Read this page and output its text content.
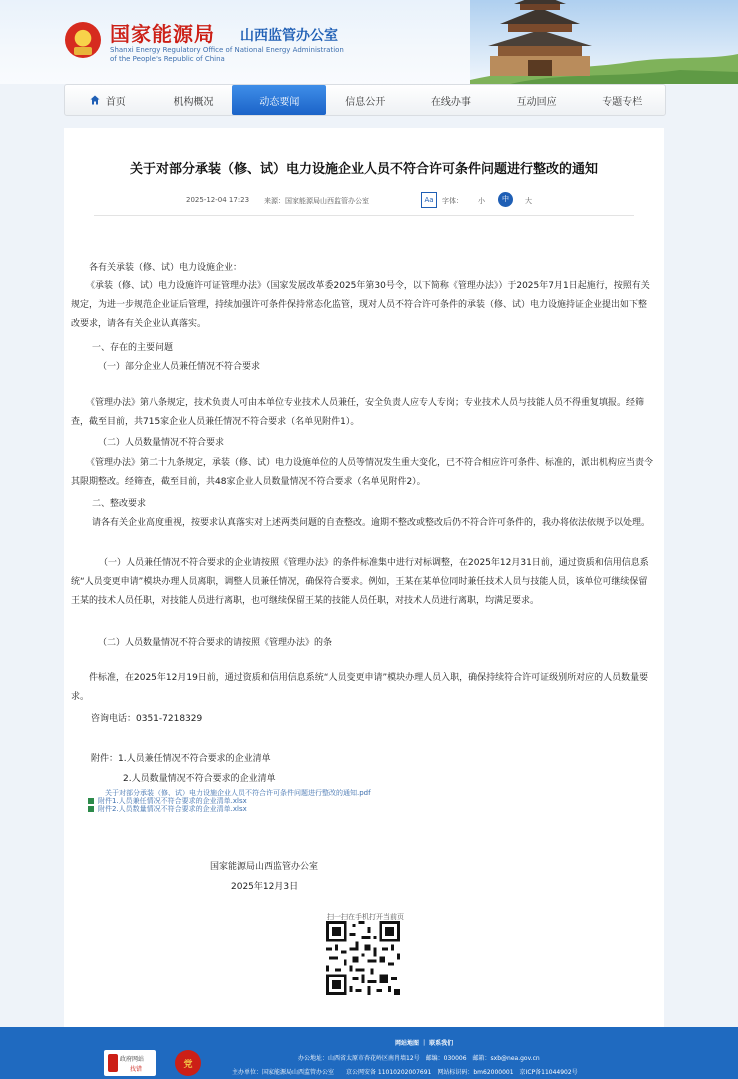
国家能源局 山西监管办公室
Shanxi Energy Regulatory Office of National Energy Administration
of the People's Republic of China
首页	机构概况	动态要闻	信息公开	在线办事	互动回应	专题专栏
关于对部分承装（修、试）电力设施企业人员不符合许可条件问题进行整改的通知
2025-12-04 17:23 来源：国家能源局山西监管办公室	Aa	字体： 小	中	大

各有关承装（修、试）电力设施企业：

《承装（修、试）电力设施许可证管理办法》（国家发展改革委2025年第30号令，以下简称《管理办法》）于2025年7月1日起施行，按照有关规定，为进一步规范企业证后管理，持续加强许可条件保持常态化监管，现对人员不符合许可条件的承装（修、试）电力设施持证企业提出如下整改要求，请各有关企业认真落实。

一、存在的主要问题

（一）部分企业人员兼任情况不符合要求

《管理办法》第八条规定，技术负责人可由本单位专业技术人员兼任，安全负责人应专人专岗；专业技术人员与技能人员不得重复填报。经筛查，截至目前，共715家企业人员兼任情况不符合要求（名单见附件1）。

（二）人员数量情况不符合要求

《管理办法》第二十九条规定，承装（修、试）电力设施单位的人员等情况发生重大变化，已不符合相应许可条件、标准的，派出机构应当责令其限期整改。经筛查，截至目前，共48家企业人员数量情况不符合要求（名单见附件2）。

二、整改要求

请各有关企业高度重视，按要求认真落实对上述两类问题的自查整改。逾期不整改或整改后仍不符合许可条件的，我办将依法依规予以处理。

（一）人员兼任情况不符合要求的企业请按照《管理办法》的条件标准集中进行对标调整，在2025年12月31日前，通过资质和信用信息系统“人员变更申请”模块办理人员离职，调整人员兼任情况，确保符合要求。例如，王某在某单位同时兼任技术人员与技能人员，该单位可继续保留王某的技术人员任职，对技能人员进行离职，也可继续保留王某的技能人员任职，对技术人员进行离职，均满足要求。

（二）人员数量情况不符合要求的请按照《管理办法》的条

件标准，在2025年12月19日前，通过资质和信用信息系统“人员变更申请”模块办理人员入职，确保持续符合许可证级别所对应的人员数量要求。

咨询电话：0351-7218329

附件：1.人员兼任情况不符合要求的企业清单

2.人员数量情况不符合要求的企业清单

关于对部分承装（修、试）电力设施企业人员不符合许可条件问题进行整改的通知.pdf
附件1.人员兼任情况不符合要求的企业清单.xlsx
附件2.人员数量情况不符合要求的企业清单.xlsx
国家能源局山西监管办公室
2025年12月3日
扫一扫在手机打开当前页
网站地图 ｜ 联系我们
办公地址：山西省太原市杏花岭区南肖墙12号　邮编：030006　邮箱：sxb@nea.gov.cn
主办单位：国家能源局山西监管办公室　　京公网安备 11010202007691　网站标识码：bm62000001　京ICP备11044902号
政府网站
找错	党
